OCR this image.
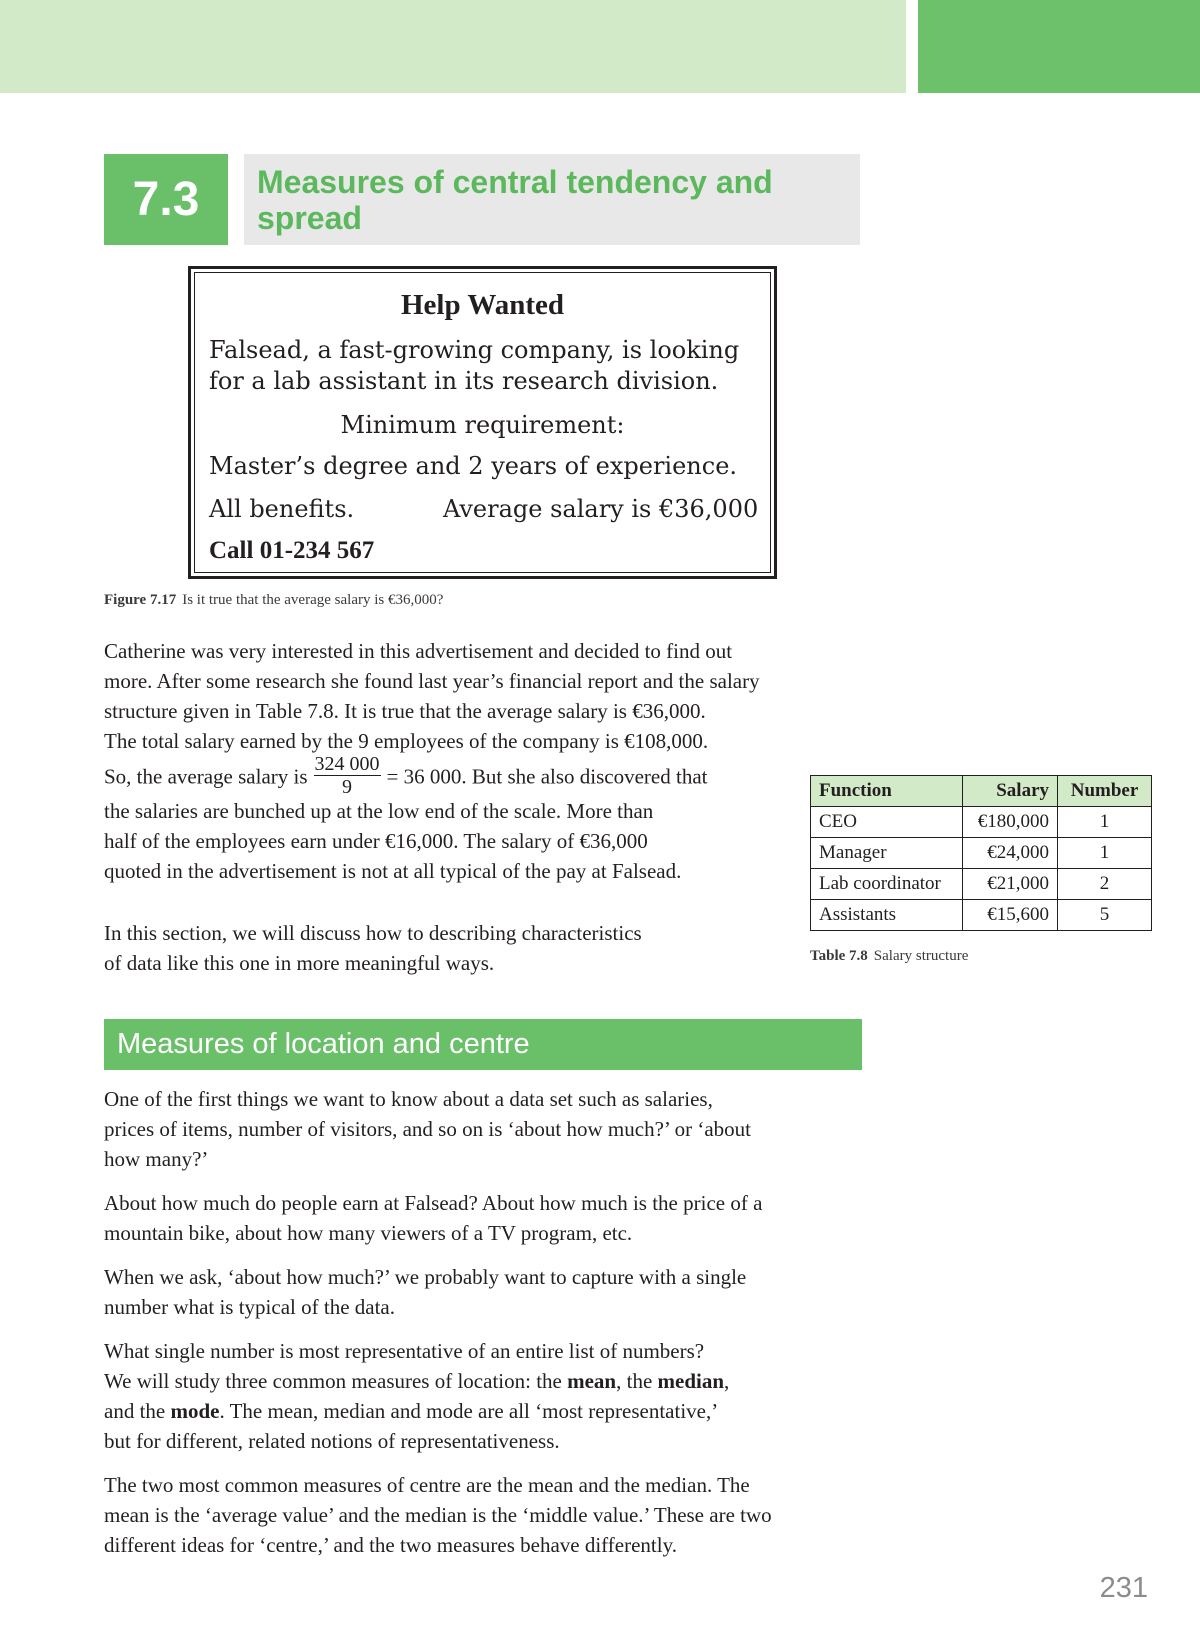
7.3	Measures of central tendency and
spread
Help Wanted
Falsead, a fast-growing company, is looking
for a lab assistant in its research division.
Minimum requirement:
Master’s degree and 2 years of experience.
All benefits.	Average salary is €36,000
Call 01-234 567
Figure 7.17 Is it true that the average salary is €36,000?
Catherine was very interested in this advertisement and decided to find out
more. After some research she found last year’s financial report and the salary
structure given in Table 7.8. It is true that the average salary is €36,000.
The total salary earned by the 9 employees of the company is €108,000.
So, the average salary is $\frac{324 000}{9} = 36$ 000. But she also discovered that
the salaries are bunched up at the low end of the scale. More than
half of the employees earn under €16,000. The salary of €36,000
quoted in the advertisement is not at all typical of the pay at Falsead.
In this section, we will discuss how to describing characteristics
of data like this one in more meaningful ways.
Function	Salary	Number
CEO	€180,000	1
Manager	€24,000	1
Lab coordinator	€21,000	2
Assistants	€15,600	5
Table 7.8 Salary structure
Measures of location and centre
One of the first things we want to know about a data set such as salaries,
prices of items, number of visitors, and so on is ‘about how much?’ or ‘about
how many?’
About how much do people earn at Falsead? About how much is the price of a
mountain bike, about how many viewers of a TV program, etc.
When we ask, ‘about how much?’ we probably want to capture with a single
number what is typical of the data.
What single number is most representative of an entire list of numbers?
We will study three common measures of location: the mean, the median,
and the mode. The mean, median and mode are all ‘most representative,’
but for different, related notions of representativeness.
The two most common measures of centre are the mean and the median. The
mean is the ‘average value’ and the median is the ‘middle value.’ These are two
different ideas for ‘centre,’ and the two measures behave differently.
231
